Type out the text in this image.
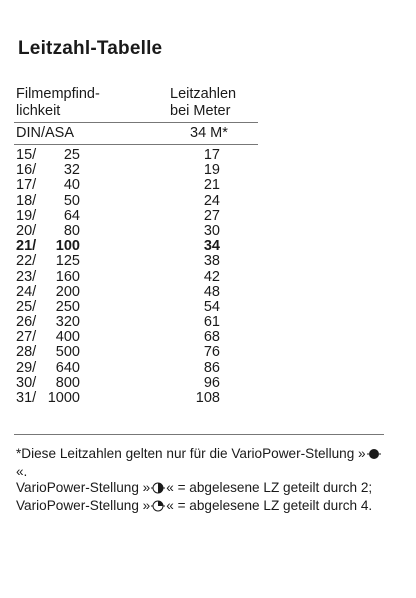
Leitzahl-Tabelle
Filmempfind-
lichkeit
Leitzahlen
bei Meter
DIN/ASA	34 M*
15/	25	17
16/	32	19
17/	40	21
18/	50	24
19/	64	27
20/	80	30
21/	100	34
22/	125	38
23/	160	42
24/	200	48
25/	250	54
26/	320	61
27/	400	68
28/	500	76
29/	640	86
30/	800	96
31/ 1000	108

*Diese Leitzahlen gelten nur für die VarioPower-Stellung »«.

VarioPower-Stellung » « = abgelesene LZ geteilt durch 2;

VarioPower-Stellung » « = abgelesene LZ geteilt durch 4.
